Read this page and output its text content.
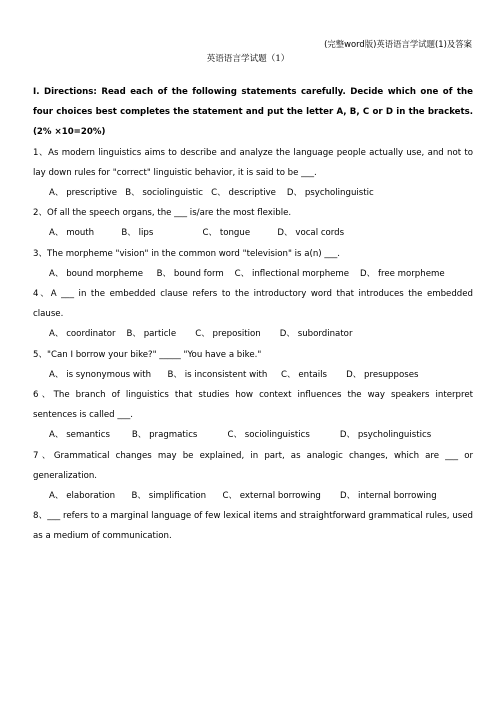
(完整word版)英语语言学试题(1)及答案
英语语言学试题（1）
I. Directions: Read each of the following statements carefully. Decide which one of the four choices best completes the statement and put the letter A, B, C or D in the brackets. (2% ×10=20%)
1、As modern linguistics aims to describe and analyze the language people actually use, and not to lay down rules for "correct" linguistic behavior, it is said to be ___.
A、 prescriptive   B、 sociolinguistic   C、 descriptive    D、 psycholinguistic
2、Of all the speech organs, the ___ is/are the most flexible.
A、 mouth          B、 lips                  C、 tongue          D、 vocal cords
3、The morpheme "vision" in the common word "television" is a(n) ___.
A、 bound morpheme     B、 bound form    C、 inflectional morpheme    D、 free morpheme
4、A ___ in the embedded clause refers to the introductory word that introduces the embedded clause.
A、 coordinator    B、 particle       C、 preposition       D、 subordinator
5、"Can I borrow your bike?" _____ "You have a bike."
A、 is synonymous with      B、 is inconsistent with     C、 entails       D、 presupposes
6、The branch of linguistics that studies how context influences the way speakers interpret sentences is called ___.
A、 semantics        B、 pragmatics           C、 sociolinguistics           D、 psycholinguistics
7、Grammatical changes may be explained, in part, as analogic changes, which are ___ or generalization.
A、 elaboration      B、 simplification      C、 external borrowing       D、 internal borrowing
8、___ refers to a marginal language of few lexical items and straightforward grammatical rules, used as a medium of communication.
